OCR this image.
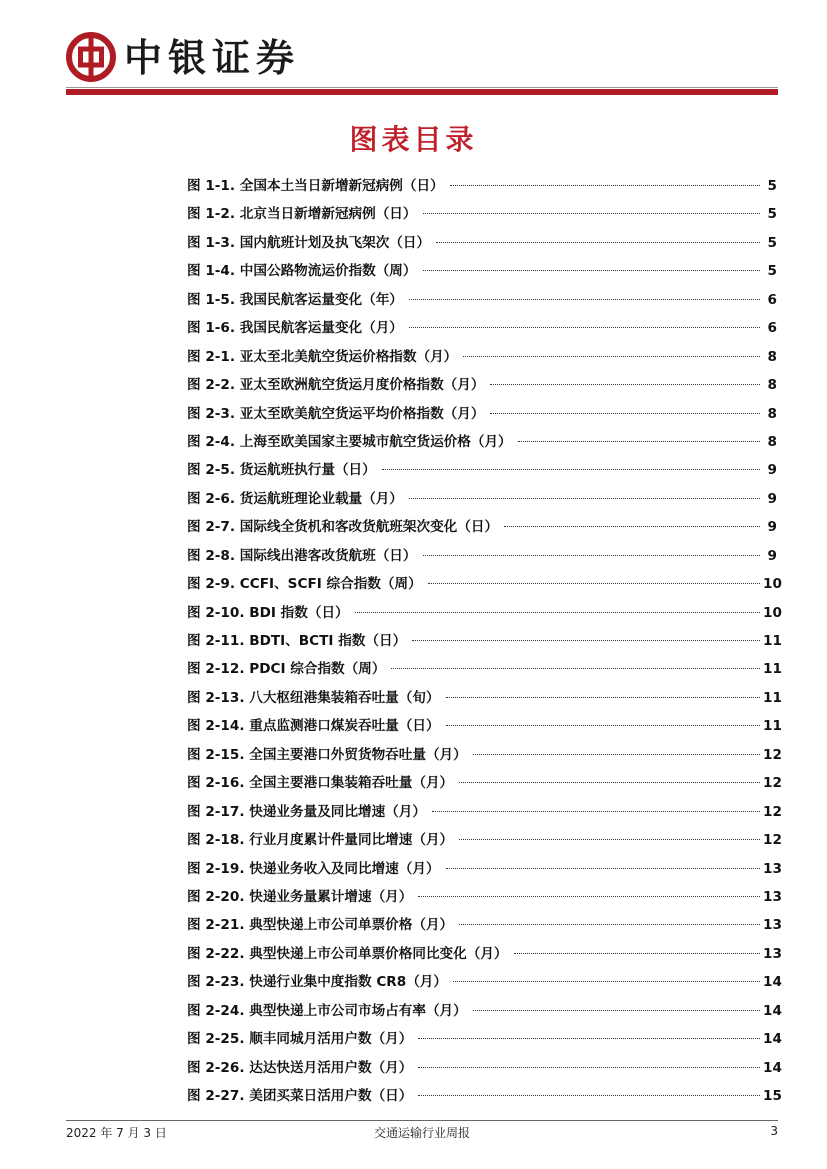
中银证券
图表目录
图 1-1. 全国本土当日新增新冠病例（日）	5
图 1-2. 北京当日新增新冠病例（日）	5
图 1-3. 国内航班计划及执飞架次（日）	5
图 1-4. 中国公路物流运价指数（周）	5
图 1-5. 我国民航客运量变化（年）	6
图 1-6. 我国民航客运量变化（月）	6
图 2-1. 亚太至北美航空货运价格指数（月）	8
图 2-2. 亚太至欧洲航空货运月度价格指数（月）	8
图 2-3. 亚太至欧美航空货运平均价格指数（月）	8
图 2-4. 上海至欧美国家主要城市航空货运价格（月）	8
图 2-5. 货运航班执行量（日）	9
图 2-6. 货运航班理论业载量（月）	9
图 2-7. 国际线全货机和客改货航班架次变化（日）	9
图 2-8. 国际线出港客改货航班（日）	9
图 2-9. CCFI、SCFI 综合指数（周）	10
图 2-10. BDI 指数（日）	10
图 2-11. BDTI、BCTI 指数（日）	11
图 2-12. PDCI 综合指数（周）	11
图 2-13. 八大枢纽港集装箱吞吐量（旬）	11
图 2-14. 重点监测港口煤炭吞吐量（日）	11
图 2-15. 全国主要港口外贸货物吞吐量（月）	12
图 2-16. 全国主要港口集装箱吞吐量（月）	12
图 2-17. 快递业务量及同比增速（月）	12
图 2-18. 行业月度累计件量同比增速（月）	12
图 2-19. 快递业务收入及同比增速（月）	13
图 2-20. 快递业务量累计增速（月）	13
图 2-21. 典型快递上市公司单票价格（月）	13
图 2-22. 典型快递上市公司单票价格同比变化（月）	13
图 2-23. 快递行业集中度指数 CR8（月）	14
图 2-24. 典型快递上市公司市场占有率（月）	14
图 2-25. 顺丰同城月活用户数（月）	14
图 2-26. 达达快送月活用户数（月）	14
图 2-27. 美团买菜日活用户数（日）	15
2022 年 7 月 3 日	交通运输行业周报	3
